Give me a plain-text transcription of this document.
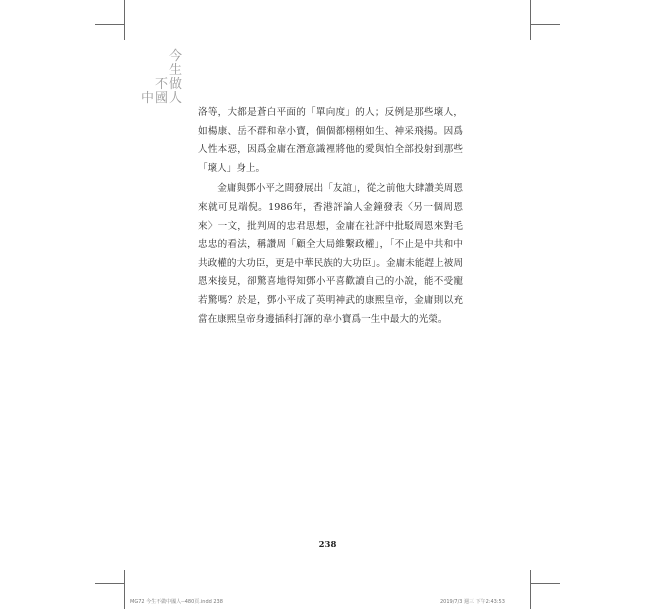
今
生
不做
中國人

洛等，大都是蒼白平面的「單向度」的人；反例是那些壞人，如楊康、岳不群和韋小寶，個個都栩栩如生、神采飛揚。因爲人性本惡，因爲金庸在潛意識裡將他的愛與怕全部投射到那些「壞人」身上。

金庸與鄧小平之間發展出「友誼」，從之前他大肆讚美周恩來就可見端倪。1986年，香港評論人金鐘發表〈另一個周恩來〉一文，批判周的忠君思想，金庸在社評中批駁周恩來對毛忠忠的看法，稱讚周「顧全大局維繫政權」，「不止是中共和中共政權的大功臣，更是中華民族的大功臣」。金庸未能趕上被周恩來接見，卻驚喜地得知鄧小平喜歡讀自己的小說，能不受寵若驚嗎？於是，鄧小平成了英明神武的康熙皇帝，金庸則以充當在康熙皇帝身邊插科打諢的韋小寶爲一生中最大的光榮。

238
MG72 今生不做中國人--480頁.indd 238	2019/7/3 週三 下午2:43:53
